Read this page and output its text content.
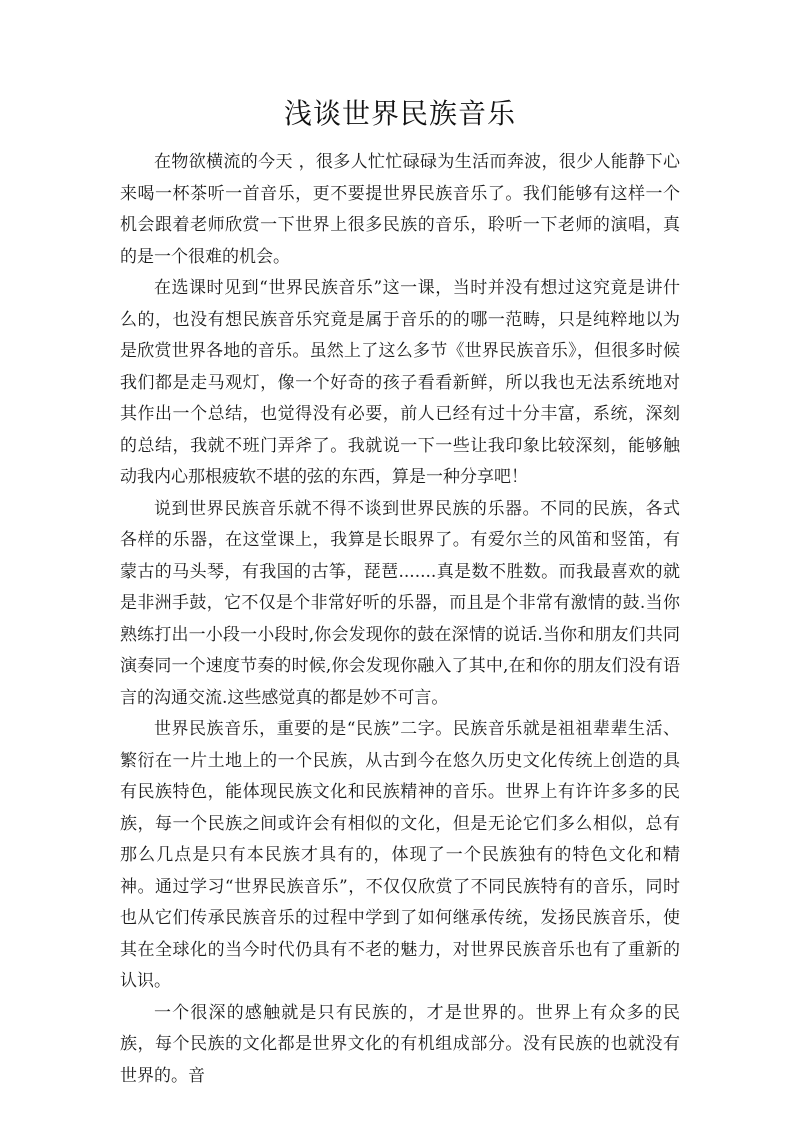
浅谈世界民族音乐

在物欲横流的今天 ，很多人忙忙碌碌为生活而奔波，很少人能静下心来喝一杯茶听一首音乐，更不要提世界民族音乐了。我们能够有这样一个机会跟着老师欣赏一下世界上很多民族的音乐，聆听一下老师的演唱，真的是一个很难的机会。

在选课时见到“世界民族音乐”这一课，当时并没有想过这究竟是讲什么的，也没有想民族音乐究竟是属于音乐的的哪一范畴，只是纯粹地以为是欣赏世界各地的音乐。虽然上了这么多节《世界民族音乐》，但很多时候我们都是走马观灯，像一个好奇的孩子看看新鲜，所以我也无法系统地对其作出一个总结，也觉得没有必要，前人已经有过十分丰富，系统，深刻的总结，我就不班门弄斧了。我就说一下一些让我印象比较深刻，能够触动我内心那根疲软不堪的弦的东西，算是一种分享吧！

说到世界民族音乐就不得不谈到世界民族的乐器。不同的民族，各式各样的乐器，在这堂课上，我算是长眼界了。有爱尔兰的风笛和竖笛，有蒙古的马头琴，有我国的古筝，琵琶.......真是数不胜数。而我最喜欢的就是非洲手鼓，它不仅是个非常好听的乐器，而且是个非常有激情的鼓.当你熟练打出一小段一小段时,你会发现你的鼓在深情的说话.当你和朋友们共同演奏同一个速度节奏的时候,你会发现你融入了其中,在和你的朋友们没有语言的沟通交流.这些感觉真的都是妙不可言。

世界民族音乐，重要的是“民族”二字。民族音乐就是祖祖辈辈生活、繁衍在一片土地上的一个民族，从古到今在悠久历史文化传统上创造的具有民族特色，能体现民族文化和民族精神的音乐。世界上有许许多多的民族，每一个民族之间或许会有相似的文化，但是无论它们多么相似，总有那么几点是只有本民族才具有的，体现了一个民族独有的特色文化和精神。通过学习“世界民族音乐”，不仅仅欣赏了不同民族特有的音乐，同时也从它们传承民族音乐的过程中学到了如何继承传统，发扬民族音乐，使其在全球化的当今时代仍具有不老的魅力，对世界民族音乐也有了重新的认识。

一个很深的感触就是只有民族的，才是世界的。世界上有众多的民族，每个民族的文化都是世界文化的有机组成部分。没有民族的也就没有世界的。音
